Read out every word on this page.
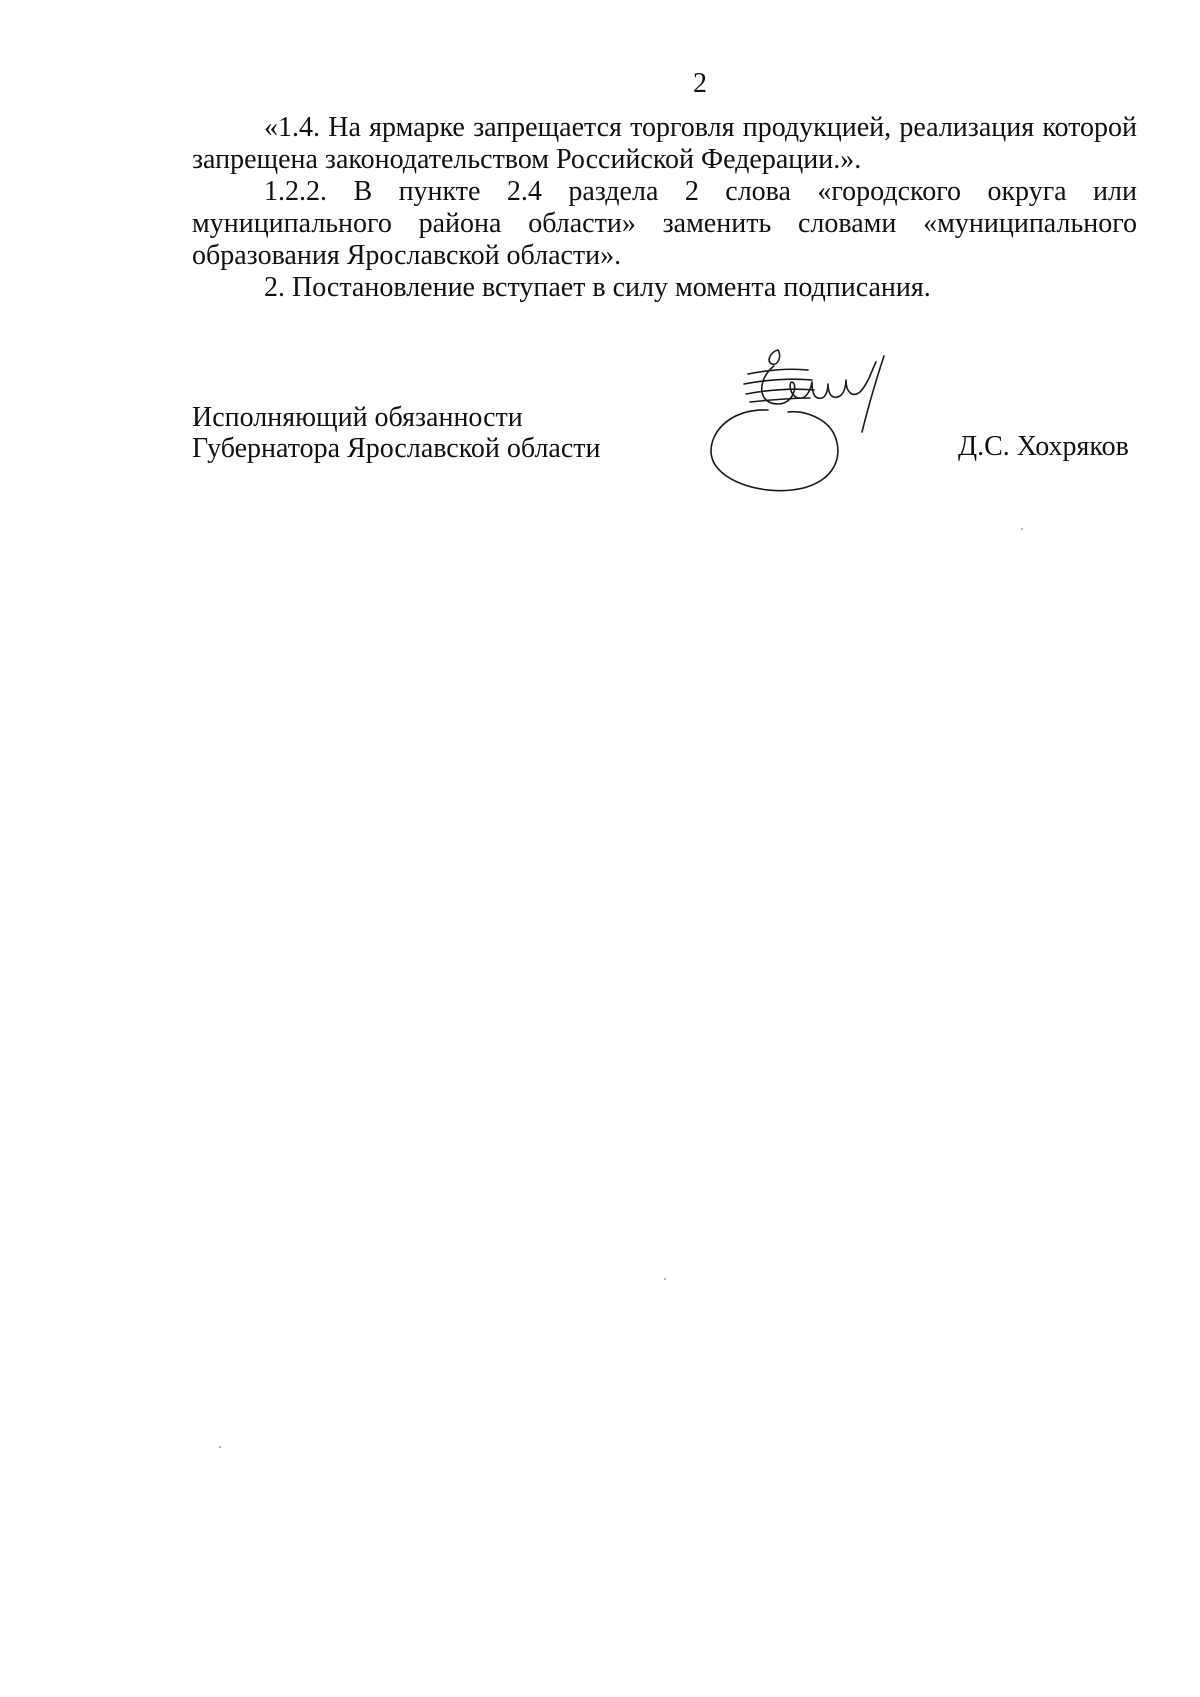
2

«1.4. На ярмарке запрещается торговля продукцией, реализация которой запрещена законодательством Российской Федерации.».

1.2.2. В пункте 2.4 раздела 2 слова «городского округа или муниципального района области» заменить словами «муниципального образования Ярославской области».

2. Постановление вступает в силу момента подписания.

Исполняющий обязанности
Губернатора Ярославской области	Д.С. Хохряков
